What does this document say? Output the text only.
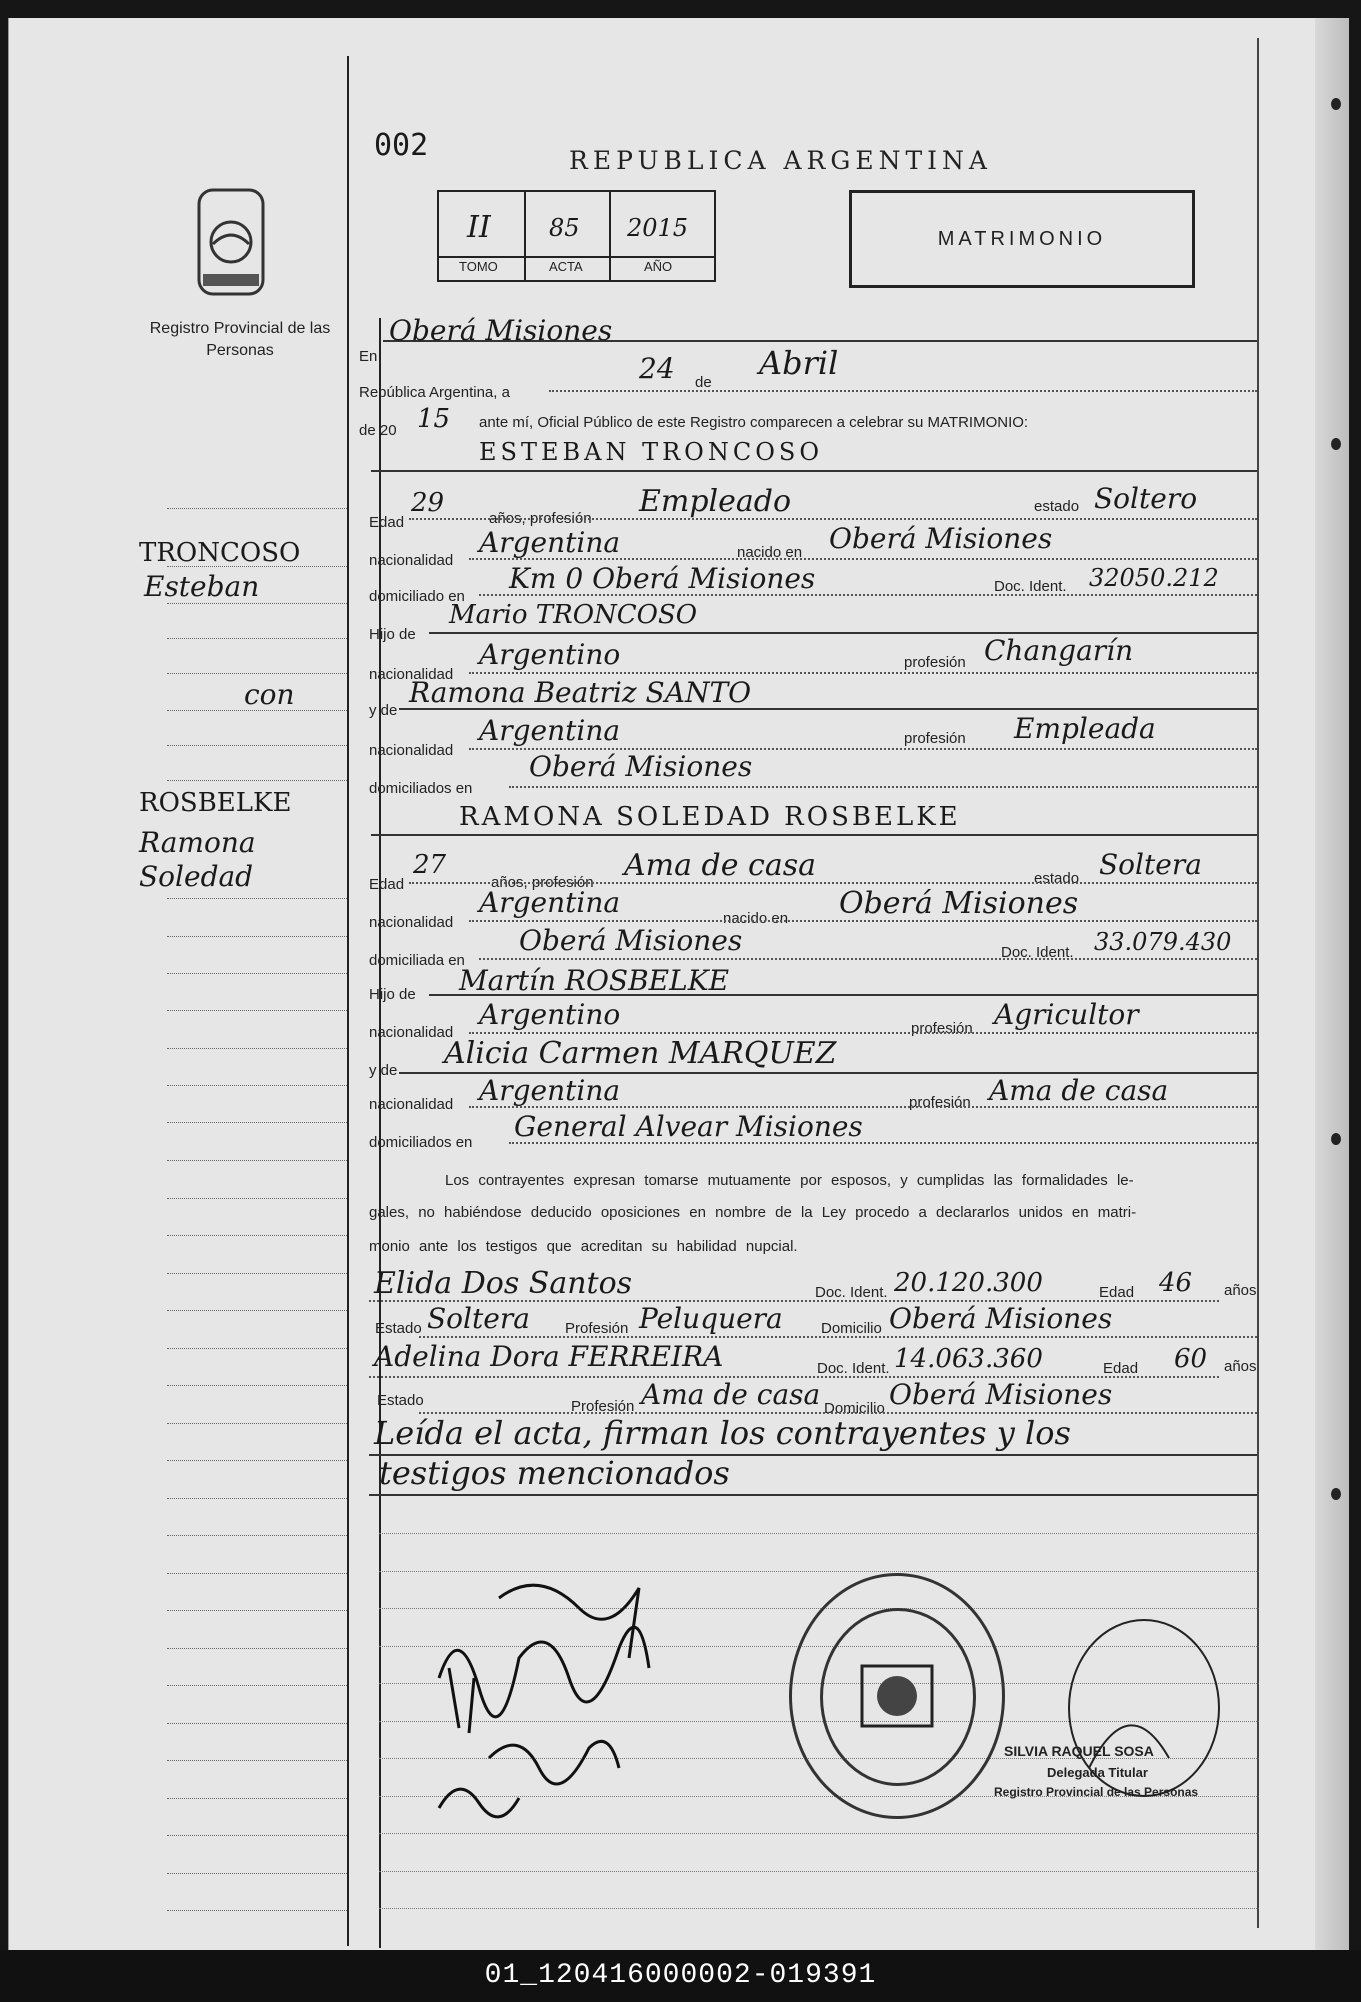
Registro Provincial de las Personas
002	REPUBLICA ARGENTINA
II 85 2015
TOMO	ACTA	AÑO
MATRIMONIO
TRONCOSO
Esteban
con
ROSBELKE
Ramona
Soledad
En
Oberá Misiones
República Argentina, a
24 de
Abril
de 20 15 ante mí, Oficial Público de este Registro comparecen a celebrar su MATRIMONIO:
ESTEBAN TRONCOSO
Edad
29
años, profesión Empleado	estado Soltero
nacionalidad
Argentina	nacido en Oberá Misiones
domiciliado en
Km 0 Oberá Misiones	Doc. Ident. 32050.212
Hijo de
Mario TRONCOSO
nacionalidad
Argentino	profesión Changarín
y de
Ramona Beatriz SANTO
nacionalidad
Argentina	profesión Empleada
domiciliados en
Oberá Misiones
RAMONA SOLEDAD ROSBELKE
Edad
27
años, profesión Ama de casa	estado Soltera
nacionalidad
Argentina	nacido en Oberá Misiones
domiciliada en
Oberá Misiones	Doc. Ident. 33.079.430
Hijo de Martín ROSBELKE
nacionalidad
Argentino	profesión Agricultor
y de Alicia Carmen MARQUEZ
nacionalidad Argentina	profesión Ama de casa
domiciliados en General Alvear Misiones
Los contrayentes expresan tomarse mutuamente por esposos, y cumplidas las formalidades le-
gales, no habiéndose deducido oposiciones en nombre de la Ley procedo a declararlos unidos en matri-
monio ante los testigos que acreditan su habilidad nupcial.
Elida Dos Santos	Doc. Ident. 20.120.300	Edad 46 años
Estado Soltera Profesión Peluquera	Domicilio Oberá Misiones
Adelina Dora FERREIRA	Doc. Ident. 14.063.360	Edad 60 años
Estado	Profesión Ama de casa Domicilio Oberá Misiones
Leída el acta, firman los contrayentes y los
testigos mencionados
SILVIA RAQUEL SOSA
Delegada Titular
Registro Provincial de las Personas
01_120416000002-019391
